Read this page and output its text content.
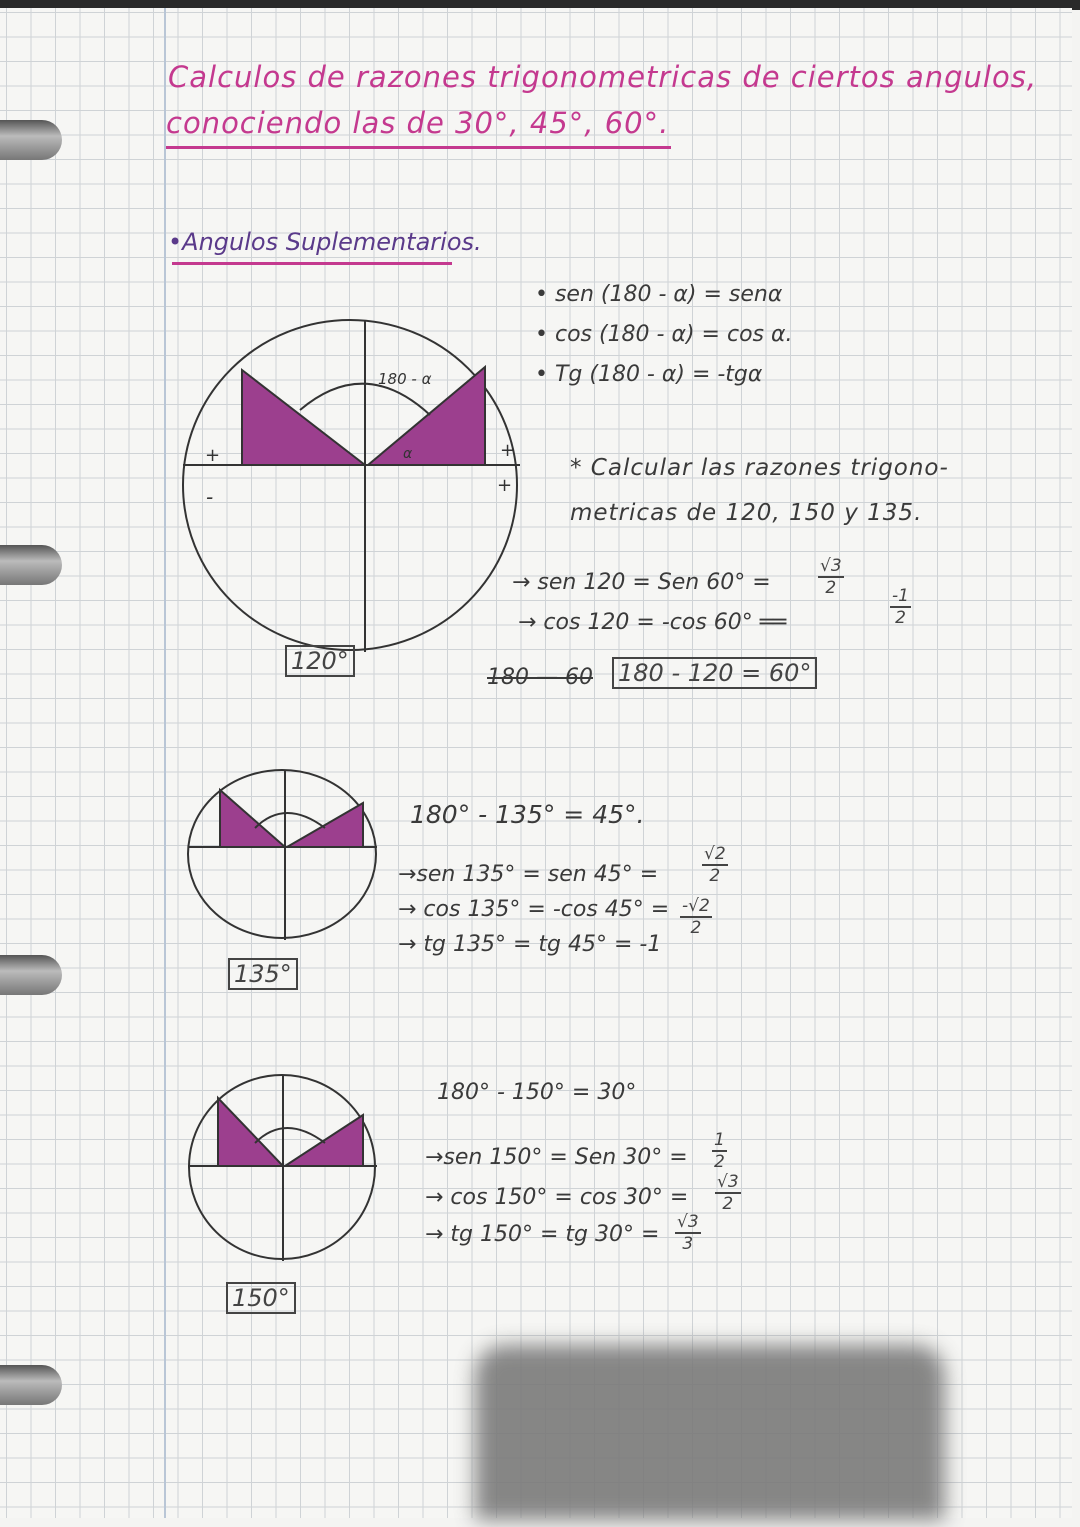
Calculos de razones trigonometricas de ciertos angulos,
conociendo las de 30°, 45°, 60°.
•Angulos Suplementarios.
• sen (180 - α) = senα
• cos (180 - α) = cos α.
• Tg (180 - α) = -tgα
180 - α
α	+
+
+
-
120°
* Calcular las razones trigono-
metricas de 120, 150 y 135.
→ sen 120 = Sen 60° =	$\frac{√3}{2}$
→ cos 120 = -cos 60° ══	$\frac{-1}{2}$
180 — 60 180 - 120 = 60°
135°
180° - 135° = 45°.
→sen 135° = sen 45° =	$\frac{√2}{2}$
→ cos 135° = -cos $45^\circ = \frac{-√2}{2}$
→ tg 135° = tg 45° = -1
150°
180° - 150° = 30°
→sen 150° = Sen $30^\circ = \frac{1}{2}$
→ $\cos 150^\circ = \cos 30^\circ = \frac{√3}{2}$
→ tg 150° = tg $30^\circ = \frac{√3}{3}$
